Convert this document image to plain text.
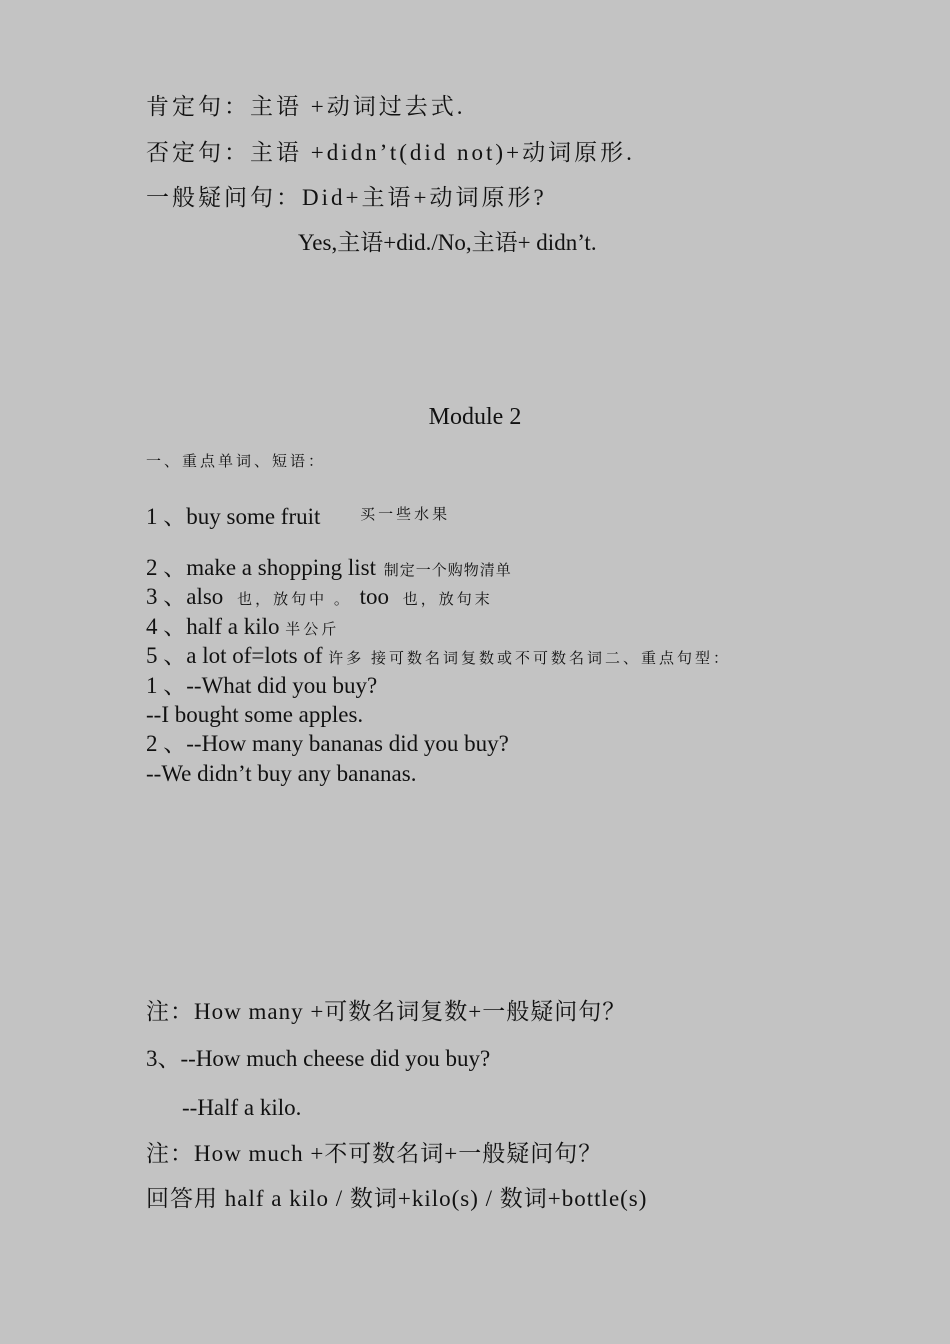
肯定句：主语 +动词过去式.
否定句：主语 +didn’t(did not)+动词原形.
一般疑问句：Did+主语+动词原形?
Yes,主语+did./No,主语+ didn’t.
Module 2
一、重点单词、短语：
1 、buy some fruit	$^{买一些水果}$
2 、make a shopping list 制定一个购物清单
3 、also 也，放句中 。 too 也，放句末
4 、half a kilo 半公斤
5 、a lot of=lots of 许多 接可数名词复数或不可数名词二、重点句型：
1 、--What did you buy?
--I bought some apples.
2 、--How many bananas did you buy?
--We didn’t buy any bananas.
注：How many +可数名词复数+一般疑问句？
3、--How much cheese did you buy?
--Half a kilo.
注：How much +不可数名词+一般疑问句？
回答用 half a kilo / 数词+kilo(s) / 数词+bottle(s)
